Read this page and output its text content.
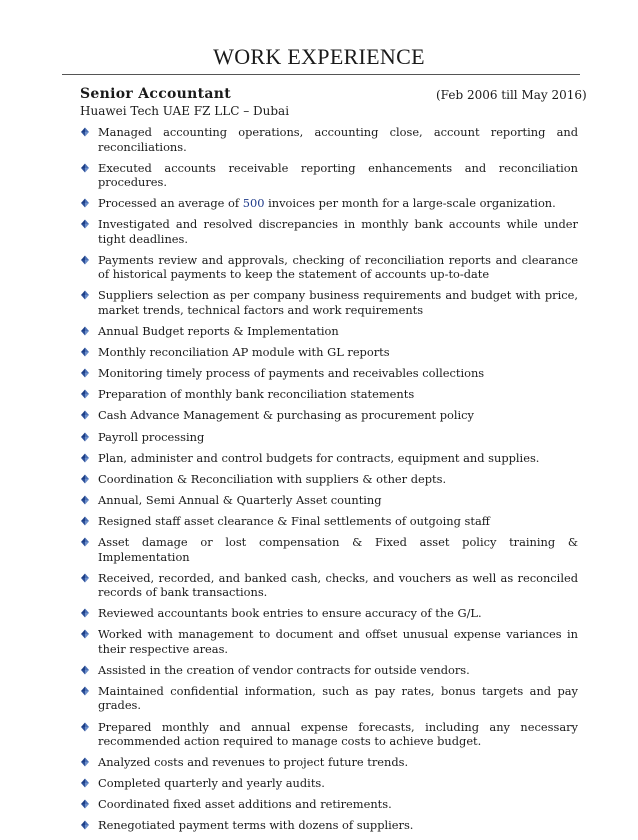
WORK EXPERIENCE
Senior Accountant	(Feb 2006 till May 2016)
Huawei Tech UAE FZ LLC – Dubai
Managed accounting operations, accounting close, account reporting and reconciliations.
Executed accounts receivable reporting enhancements and reconciliation procedures.
Processed an average of 500 invoices per month for a large-scale organization.
Investigated and resolved discrepancies in monthly bank accounts while under tight deadlines.
Payments review and approvals, checking of reconciliation reports and clearance of historical payments to keep the statement of accounts up-to-date
Suppliers selection as per company business requirements and budget with price, market trends, technical factors and work requirements
Annual Budget reports & Implementation
Monthly reconciliation AP module with GL reports
Monitoring timely process of payments and receivables collections
Preparation of monthly bank reconciliation statements
Cash Advance Management & purchasing as procurement policy
Payroll processing
Plan, administer and control budgets for contracts, equipment and supplies.
Coordination & Reconciliation with suppliers & other depts.
Annual, Semi Annual & Quarterly Asset counting
Resigned staff asset clearance & Final settlements of outgoing staff
Asset damage or lost compensation & Fixed asset policy training & Implementation
Received, recorded, and banked cash, checks, and vouchers as well as reconciled records of bank transactions.
Reviewed accountants book entries to ensure accuracy of the G/L.
Worked with management to document and offset unusual expense variances in their respective areas.
Assisted in the creation of vendor contracts for outside vendors.
Maintained confidential information, such as pay rates, bonus targets and pay grades.
Prepared monthly and annual expense forecasts, including any necessary recommended action required to manage costs to achieve budget.
Analyzed costs and revenues to project future trends.
Completed quarterly and yearly audits.
Coordinated fixed asset additions and retirements.
Renegotiated payment terms with dozens of suppliers.
